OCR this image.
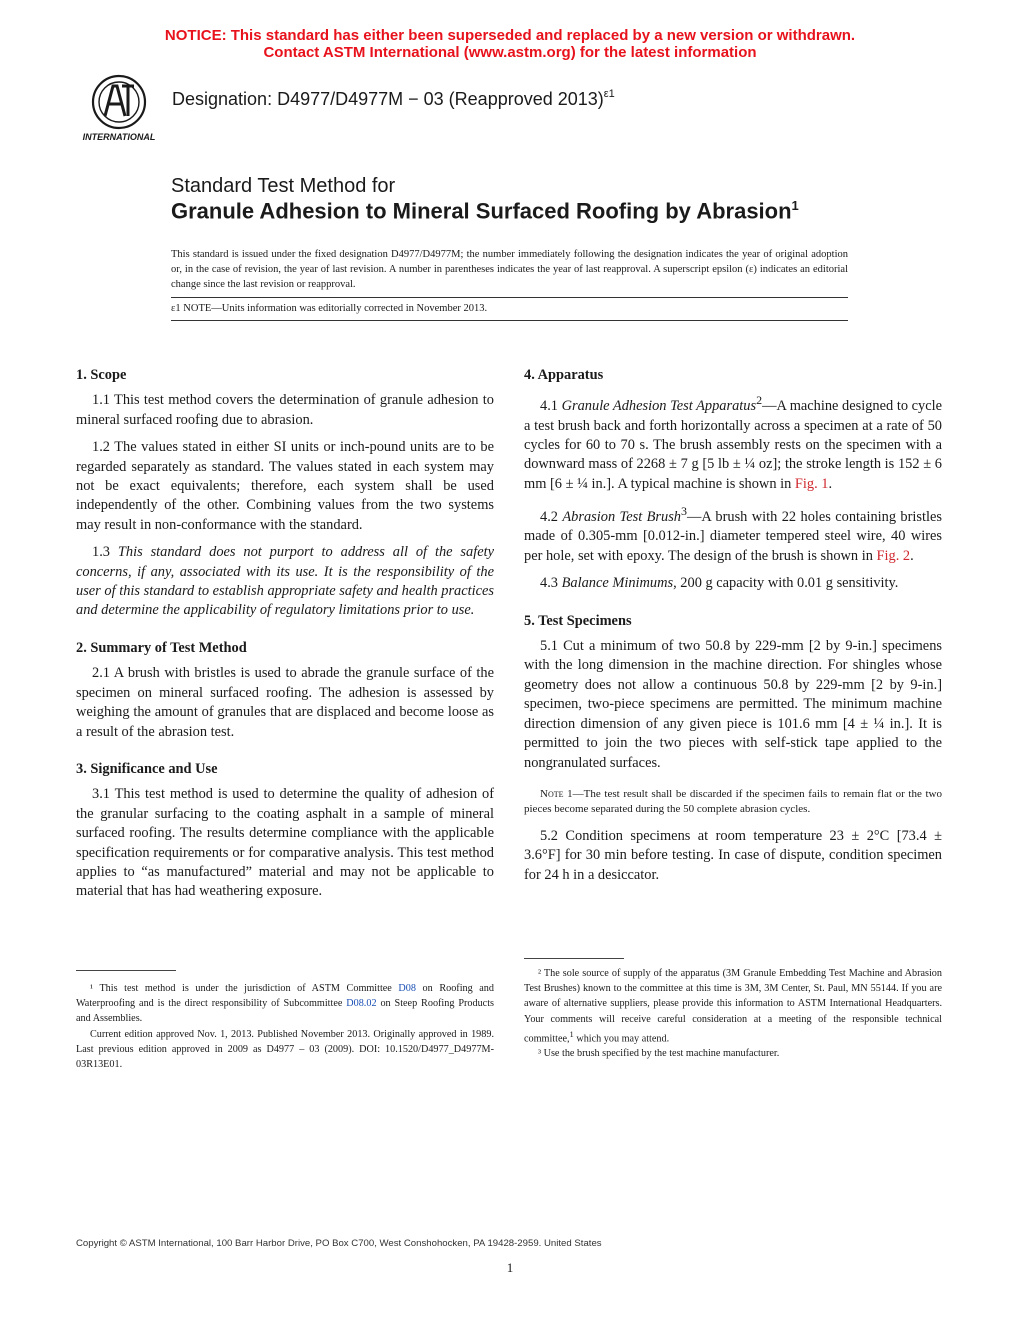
NOTICE: This standard has either been superseded and replaced by a new version or withdrawn.
Contact ASTM International (www.astm.org) for the latest information
INTERNATIONAL
Designation: D4977/D4977M − 03 (Reapproved 2013)$^{\varepsilon 1}$
Standard Test Method for
Granule Adhesion to Mineral Surfaced Roofing by Abrasion$^1$
This standard is issued under the fixed designation D4977/D4977M; the number immediately following the designation indicates the year of original adoption or, in the case of revision, the year of last revision. A number in parentheses indicates the year of last reapproval. A superscript epsilon (ε) indicates an editorial change since the last revision or reapproval.
ε1 NOTE—Units information was editorially corrected in November 2013.
1. Scope

1.1 This test method covers the determination of granule adhesion to mineral surfaced roofing due to abrasion.

1.2 The values stated in either SI units or inch-pound units are to be regarded separately as standard. The values stated in each system may not be exact equivalents; therefore, each system shall be used independently of the other. Combining values from the two systems may result in non-conformance with the standard.

1.3 This standard does not purport to address all of the safety concerns, if any, associated with its use. It is the responsibility of the user of this standard to establish appropriate safety and health practices and determine the applicability of regulatory limitations prior to use.

2. Summary of Test Method

2.1 A brush with bristles is used to abrade the granule surface of the specimen on mineral surfaced roofing. The adhesion is assessed by weighing the amount of granules that are displaced and become loose as a result of the abrasion test.

3. Significance and Use

3.1 This test method is used to determine the quality of adhesion of the granular surfacing to the coating asphalt in a sample of mineral surfaced roofing. The results determine compliance with the applicable specification requirements or for comparative analysis. This test method applies to “as manufactured” material and may not be applicable to material that has had weathering exposure.

4. Apparatus

4.1 Granule Adhesion Test Apparatus$^2$—A machine designed to cycle a test brush back and forth horizontally across a specimen at a rate of 50 cycles for 60 to 70 s. The brush assembly rests on the specimen with a downward mass of 2268 ± 7 g [5 lb ± ¼ oz]; the stroke length is 152 ± 6 mm [6 ± ¼ in.]. A typical machine is shown in Fig. 1.

4.2 Abrasion Test Brush$^3$—A brush with 22 holes containing bristles made of 0.305-mm [0.012-in.] diameter tempered steel wire, 40 wires per hole, set with epoxy. The design of the brush is shown in Fig. 2.

4.3 Balance Minimums, 200 g capacity with 0.01 g sensitivity.

5. Test Specimens

5.1 Cut a minimum of two 50.8 by 229-mm [2 by 9-in.] specimens with the long dimension in the machine direction. For shingles whose geometry does not allow a continuous 50.8 by 229-mm [2 by 9-in.] specimen, two-piece specimens are permitted. The minimum machine direction dimension of any given piece is 101.6 mm [4 ± ¼ in.]. It is permitted to join the two pieces with self-stick tape applied to the nongranulated surfaces.

Note 1—The test result shall be discarded if the specimen fails to remain flat or the two pieces become separated during the 50 complete abrasion cycles.

5.2 Condition specimens at room temperature 23 ± 2°C [73.4 ± 3.6°F] for 30 min before testing. In case of dispute, condition specimen for 24 h in a desiccator.

¹ This test method is under the jurisdiction of ASTM Committee D08 on Roofing and Waterproofing and is the direct responsibility of Subcommittee D08.02 on Steep Roofing Products and Assemblies.

Current edition approved Nov. 1, 2013. Published November 2013. Originally approved in 1989. Last previous edition approved in 2009 as D4977 – 03 (2009). DOI: 10.1520/D4977_D4977M-03R13E01.

² The sole source of supply of the apparatus (3M Granule Embedding Test Machine and Abrasion Test Brushes) known to the committee at this time is 3M, 3M Center, St. Paul, MN 55144. If you are aware of alternative suppliers, please provide this information to ASTM International Headquarters. Your comments will receive careful consideration at a meeting of the responsible technical committee,$^1$ which you may attend.

³ Use the brush specified by the test machine manufacturer.

Copyright © ASTM International, 100 Barr Harbor Drive, PO Box C700, West Conshohocken, PA 19428-2959. United States
1
